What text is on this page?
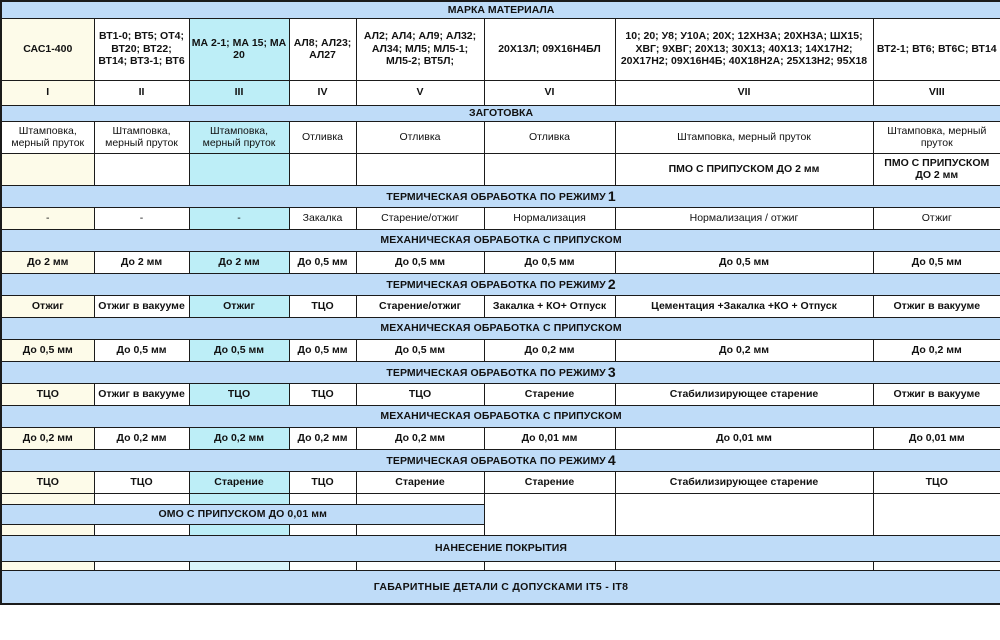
МАРКА МАТЕРИАЛА							
САС1-400	ВТ1-0; ВТ5; ОТ4; ВТ20; ВТ22; ВТ14; ВТ3-1; ВТ6	МА 2-1; МА 15; МА 20	АЛ8; АЛ23; АЛ27	АЛ2; АЛ4; АЛ9; АЛ32; АЛ34; МЛ5; МЛ5-1; МЛ5-2; ВТ5Л;	20Х13Л; 09Х16Н4БЛ	10; 20; У8; У10А; 20Х; 12ХН3А; 20ХН3А; ШХ15; ХВГ; 9ХВГ; 20Х13; 30Х13; 40Х13; 14Х17Н2; 20Х17Н2; 09Х16Н4Б; 40Х18Н2А; 25Х13Н2; 95Х18	ВТ2-1; ВТ6; ВТ6С; ВТ14
I	II	III	IV	V	VI	VII	VIII
ЗАГОТОВКА							
Штамповка, мерный пруток	Штамповка, мерный пруток	Штамповка, мерный пруток	Отливка	Отливка	Отливка	Штамповка, мерный пруток	Штамповка, мерный пруток
						ПМО С ПРИПУСКОМ ДО 2 мм	ПМО С ПРИПУСКОМ ДО 2 мм
ТЕРМИЧЕСКАЯ ОБРАБОТКА ПО РЕЖИМУ 1							
-	-	-	Закалка	Старение/отжиг	Нормализация	Нормализация / отжиг	Отжиг
МЕХАНИЧЕСКАЯ ОБРАБОТКА С ПРИПУСКОМ							
До 2 мм	До 2 мм	До 2 мм	До 0,5 мм	До 0,5 мм	До 0,5 мм	До 0,5 мм	До 0,5 мм
ТЕРМИЧЕСКАЯ ОБРАБОТКА ПО РЕЖИМУ 2							
Отжиг	Отжиг в вакууме	Отжиг	ТЦО	Старение/отжиг	Закалка + КО+ Отпуск	Цементация +Закалка +КО + Отпуск	Отжиг в вакууме
МЕХАНИЧЕСКАЯ ОБРАБОТКА С ПРИПУСКОМ							
До 0,5 мм	До 0,5 мм	До 0,5 мм	До 0,5 мм	До 0,5 мм	До 0,2 мм	До 0,2 мм	До 0,2 мм
ТЕРМИЧЕСКАЯ ОБРАБОТКА ПО РЕЖИМУ 3							
ТЦО	Отжиг в вакууме	ТЦО	ТЦО	ТЦО	Старение	Стабилизирующее старение	Отжиг в вакууме
МЕХАНИЧЕСКАЯ ОБРАБОТКА С ПРИПУСКОМ							
До 0,2 мм	До 0,2 мм	До 0,2 мм	До 0,2 мм	До 0,2 мм	До 0,01 мм	До 0,01 мм	До 0,01 мм
ТЕРМИЧЕСКАЯ ОБРАБОТКА ПО РЕЖИМУ 4							
ТЦО	ТЦО	Старение	ТЦО	Старение	Старение	Стабилизирующее старение	ТЦО

ОМО С ПРИПУСКОМ ДО 0,01 мм							

НАНЕСЕНИЕ ПОКРЫТИЯ							

ГАБАРИТНЫЕ ДЕТАЛИ С ДОПУСКАМИ IT5 - IT8							
